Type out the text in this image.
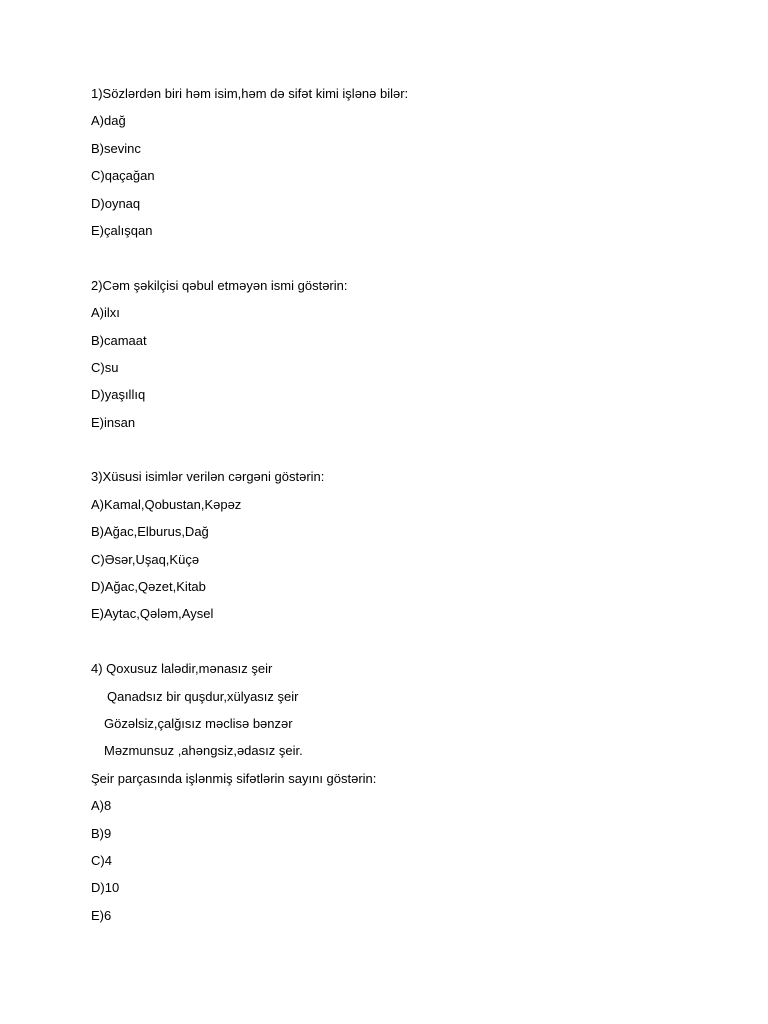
1)Sözlərdən biri həm isim,həm də sifət kimi işlənə bilər:
A)dağ
B)sevinc
C)qaçağan
D)oynaq
E)çalışqan
2)Cəm şəkilçisi qəbul etməyən ismi göstərin:
A)ilxı
B)camaat
C)su
D)yaşıllıq
E)insan
3)Xüsusi isimlər verilən cərgəni göstərin:
A)Kamal,Qobustan,Kəpəz
B)Ağac,Elburus,Dağ
C)Əsər,Uşaq,Küçə
D)Ağac,Qəzet,Kitab
E)Aytac,Qələm,Aysel
4) Qoxusuz lalədir,mənasız şeir
Qanadsız bir quşdur,xülyasız şeir
Gözəlsiz,çalğısız məclisə bənzər
Məzmunsuz ,ahəngsiz,ədasız şeir.
Şeir parçasında işlənmiş sifətlərin sayını göstərin:
A)8
B)9
C)4
D)10
E)6
